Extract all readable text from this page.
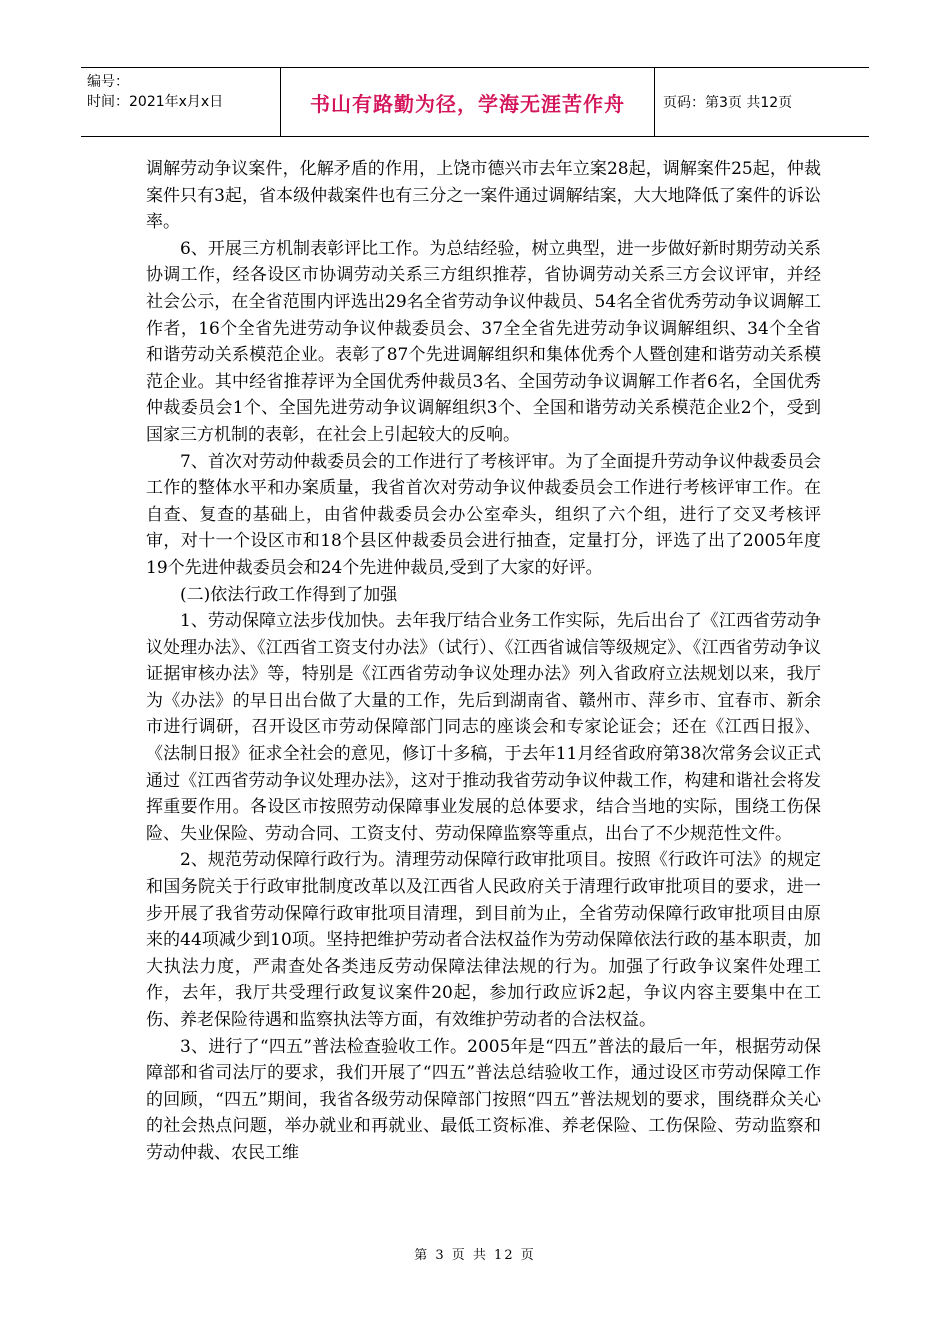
编号：
时间：2021年x月x日	书山有路勤为径，学海无涯苦作舟	页码：第3页 共12页

调解劳动争议案件，化解矛盾的作用，上饶市德兴市去年立案28起，调解案件25起，仲裁案件只有3起，省本级仲裁案件也有三分之一案件通过调解结案，大大地降低了案件的诉讼率。

6、开展三方机制表彰评比工作。为总结经验，树立典型，进一步做好新时期劳动关系协调工作，经各设区市协调劳动关系三方组织推荐，省协调劳动关系三方会议评审，并经社会公示，在全省范围内评选出29名全省劳动争议仲裁员、54名全省优秀劳动争议调解工作者，16个全省先进劳动争议仲裁委员会、37全全省先进劳动争议调解组织、34个全省和谐劳动关系模范企业。表彰了87个先进调解组织和集体优秀个人暨创建和谐劳动关系模范企业。其中经省推荐评为全国优秀仲裁员3名、全国劳动争议调解工作者6名，全国优秀仲裁委员会1个、全国先进劳动争议调解组织3个、全国和谐劳动关系模范企业2个，受到国家三方机制的表彰，在社会上引起较大的反响。

7、首次对劳动仲裁委员会的工作进行了考核评审。为了全面提升劳动争议仲裁委员会工作的整体水平和办案质量，我省首次对劳动争议仲裁委员会工作进行考核评审工作。在自查、复查的基础上，由省仲裁委员会办公室牵头，组织了六个组，进行了交叉考核评审，对十一个设区市和18个县区仲裁委员会进行抽查，定量打分，评选了出了2005年度19个先进仲裁委员会和24个先进仲裁员,受到了大家的好评。

(二)依法行政工作得到了加强

1、劳动保障立法步伐加快。去年我厅结合业务工作实际，先后出台了《江西省劳动争议处理办法》、《江西省工资支付办法》（试行）、《江西省诚信等级规定》、《江西省劳动争议证据审核办法》等，特别是《江西省劳动争议处理办法》列入省政府立法规划以来，我厅为《办法》的早日出台做了大量的工作，先后到湖南省、赣州市、萍乡市、宜春市、新余市进行调研，召开设区市劳动保障部门同志的座谈会和专家论证会；还在《江西日报》、《法制日报》征求全社会的意见，修订十多稿，于去年11月经省政府第38次常务会议正式通过《江西省劳动争议处理办法》，这对于推动我省劳动争议仲裁工作，构建和谐社会将发挥重要作用。各设区市按照劳动保障事业发展的总体要求，结合当地的实际，围绕工伤保险、失业保险、劳动合同、工资支付、劳动保障监察等重点，出台了不少规范性文件。

2、规范劳动保障行政行为。清理劳动保障行政审批项目。按照《行政许可法》的规定和国务院关于行政审批制度改革以及江西省人民政府关于清理行政审批项目的要求，进一步开展了我省劳动保障行政审批项目清理，到目前为止，全省劳动保障行政审批项目由原来的44项减少到10项。坚持把维护劳动者合法权益作为劳动保障依法行政的基本职责，加大执法力度，严肃查处各类违反劳动保障法律法规的行为。加强了行政争议案件处理工作，去年，我厅共受理行政复议案件20起，参加行政应诉2起，争议内容主要集中在工伤、养老保险待遇和监察执法等方面，有效维护劳动者的合法权益。

3、进行了“四五”普法检查验收工作。2005年是“四五”普法的最后一年，根据劳动保障部和省司法厅的要求，我们开展了“四五”普法总结验收工作，通过设区市劳动保障工作的回顾，“四五”期间，我省各级劳动保障部门按照“四五”普法规划的要求，围绕群众关心的社会热点问题，举办就业和再就业、最低工资标准、养老保险、工伤保险、劳动监察和劳动仲裁、农民工维

第 3 页 共 12 页
